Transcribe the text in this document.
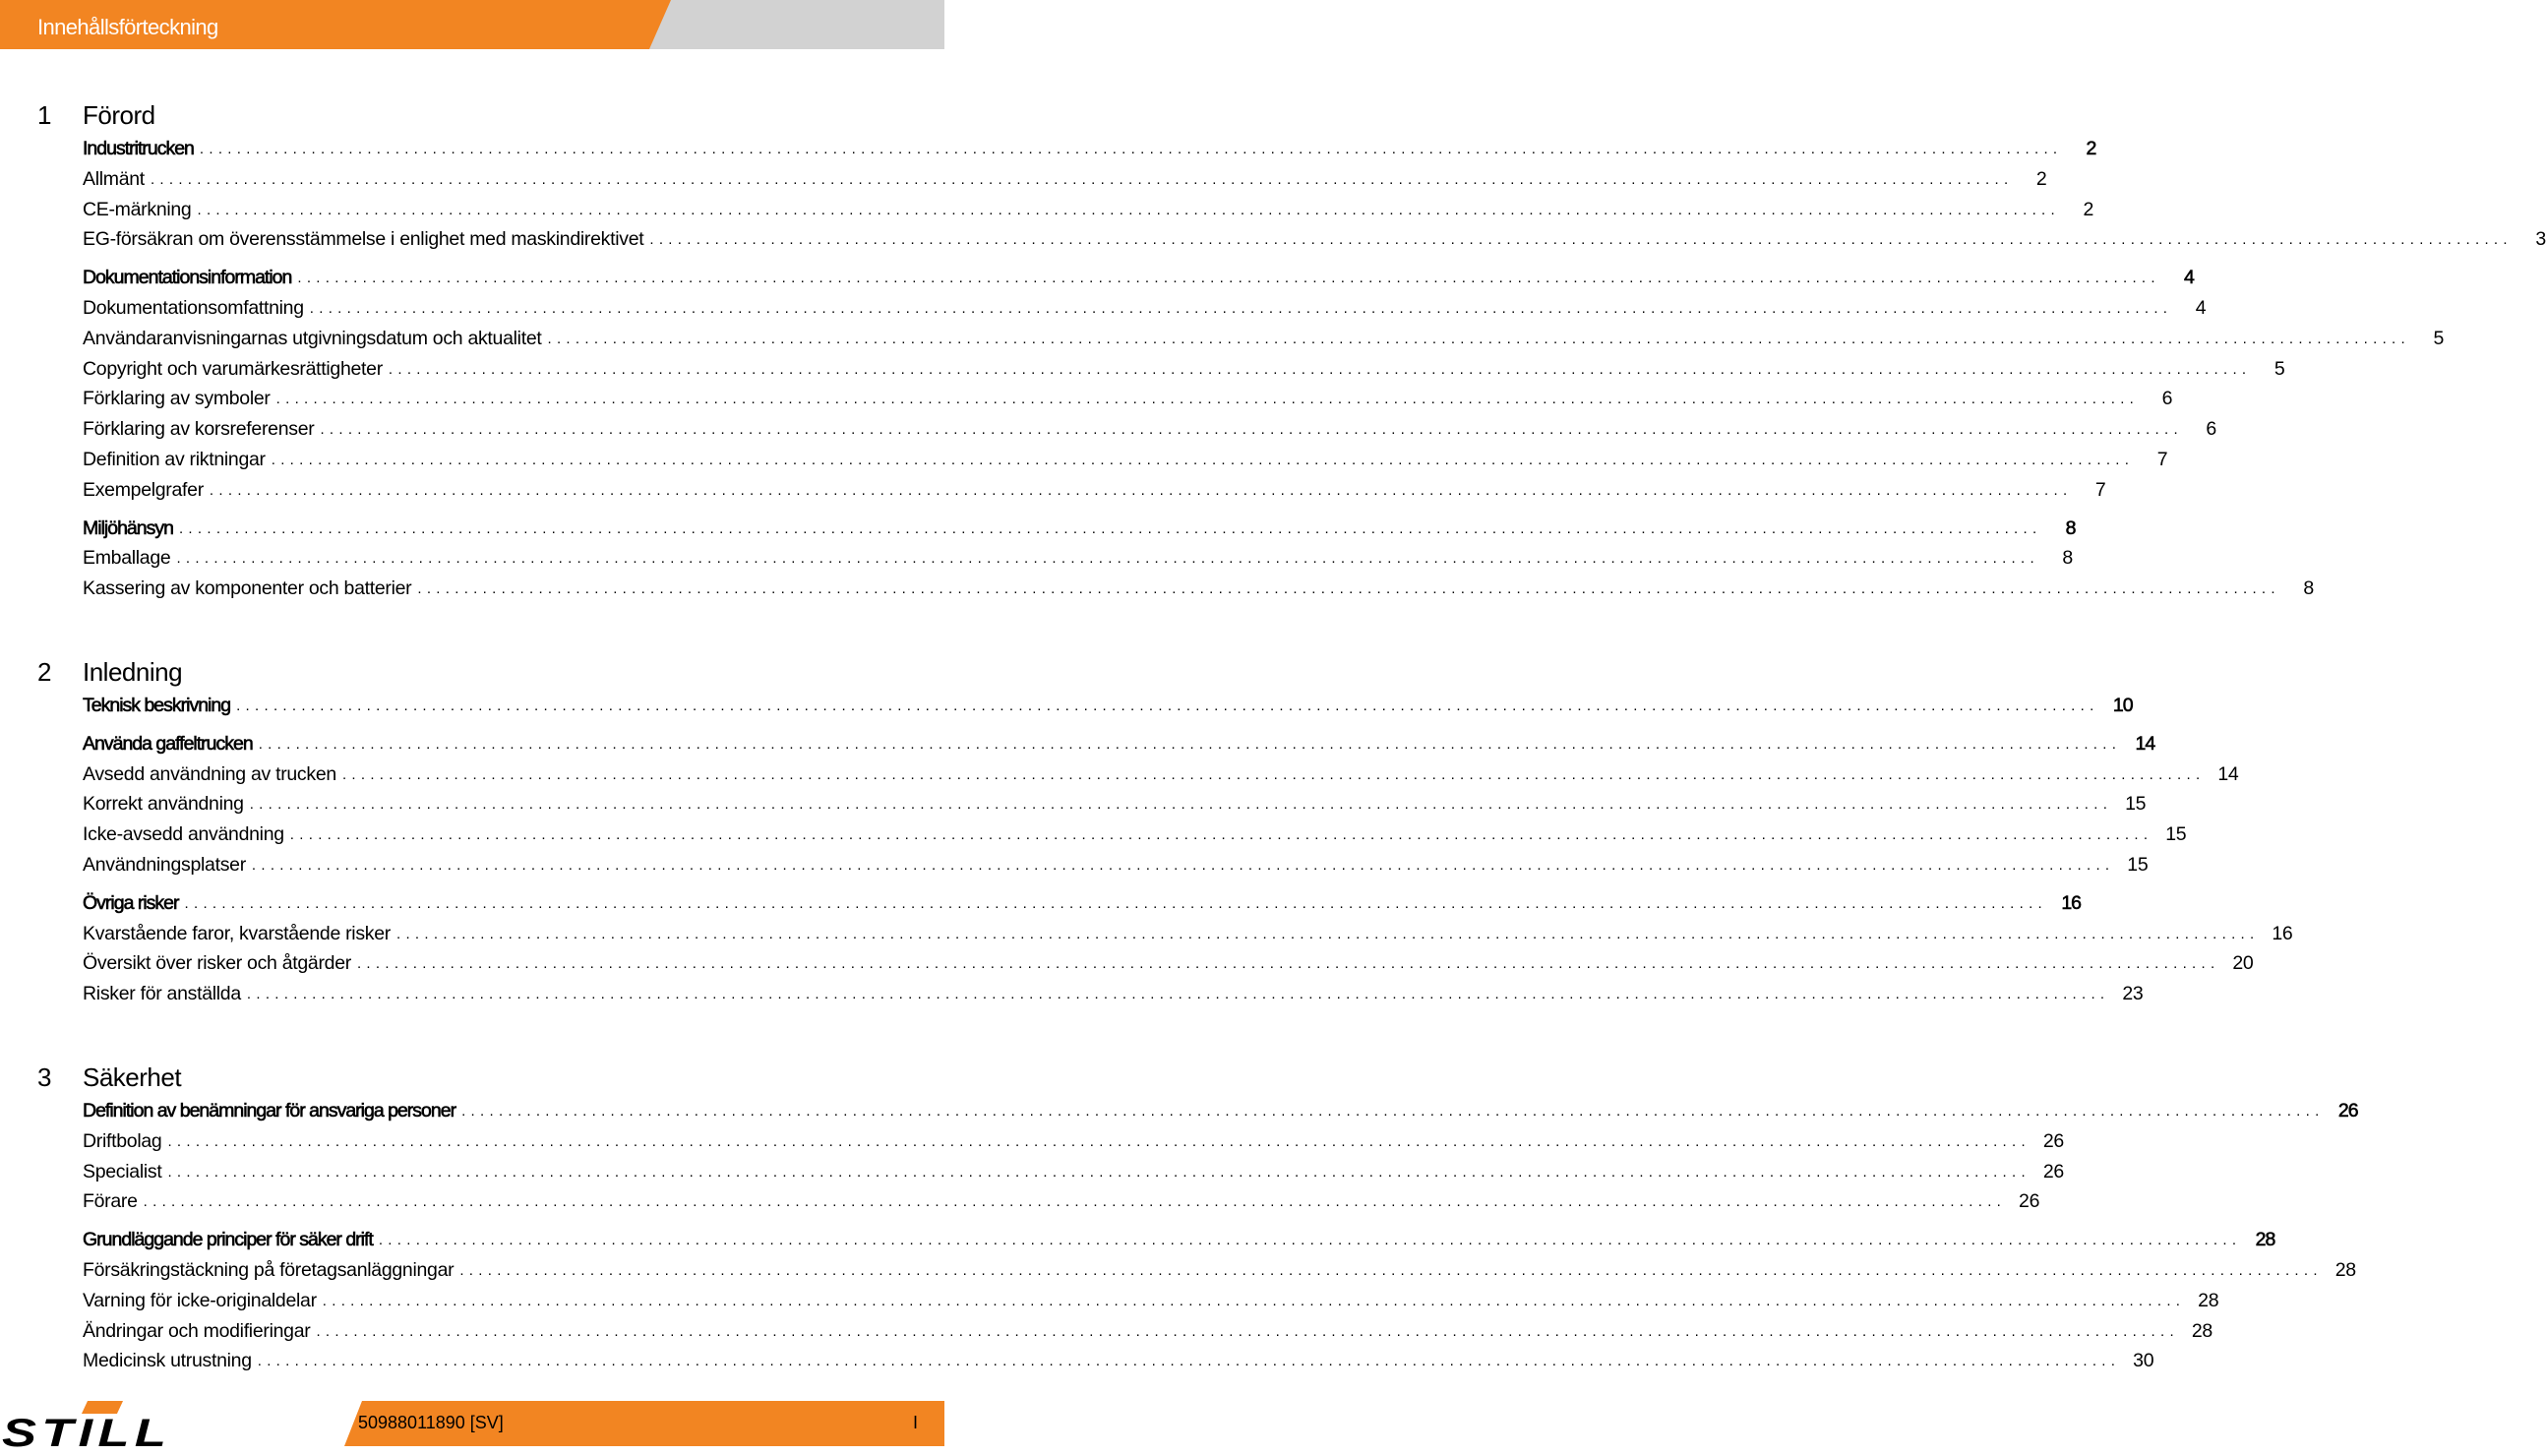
Innehållsförteckning
1 Förord
Industritrucken ........................................................................................................................................................................................................	2
Allmänt ........................................................................................................................................................................................................	2
CE-märkning ........................................................................................................................................................................................................	2
EG-försäkran om överensstämmelse i enlighet med maskindirektivet ........................................................................................................................................................................................................	3
Dokumentationsinformation ........................................................................................................................................................................................................	4
Dokumentationsomfattning ........................................................................................................................................................................................................	4
Användaranvisningarnas utgivningsdatum och aktualitet ........................................................................................................................................................................................................	5
Copyright och varumärkesrättigheter ........................................................................................................................................................................................................	5
Förklaring av symboler ........................................................................................................................................................................................................	6
Förklaring av korsreferenser ........................................................................................................................................................................................................	6
Definition av riktningar ........................................................................................................................................................................................................	7
Exempelgrafer ........................................................................................................................................................................................................	7
Miljöhänsyn ........................................................................................................................................................................................................	8
Emballage ........................................................................................................................................................................................................	8
Kassering av komponenter och batterier ........................................................................................................................................................................................................	8
2 Inledning
Teknisk beskrivning ........................................................................................................................................................................................................ 10
Använda gaffeltrucken ........................................................................................................................................................................................................ 14
Avsedd användning av trucken ........................................................................................................................................................................................................ 14
Korrekt användning ........................................................................................................................................................................................................ 15
Icke-avsedd användning ........................................................................................................................................................................................................ 15
Användningsplatser ........................................................................................................................................................................................................ 15
Övriga risker ........................................................................................................................................................................................................ 16
Kvarstående faror, kvarstående risker ........................................................................................................................................................................................................ 16
Översikt över risker och åtgärder ........................................................................................................................................................................................................ 20
Risker för anställda ........................................................................................................................................................................................................ 23
3 Säkerhet
Definition av benämningar för ansvariga personer ........................................................................................................................................................................................................ 26
Driftbolag ........................................................................................................................................................................................................ 26
Specialist ........................................................................................................................................................................................................ 26
Förare ........................................................................................................................................................................................................ 26
Grundläggande principer för säker drift ........................................................................................................................................................................................................ 28
Försäkringstäckning på företagsanläggningar ........................................................................................................................................................................................................ 28
Varning för icke-originaldelar ........................................................................................................................................................................................................ 28
Ändringar och modifieringar ........................................................................................................................................................................................................ 28
Medicinsk utrustning ........................................................................................................................................................................................................ 30
STILL	50988011890 [SV]	I
